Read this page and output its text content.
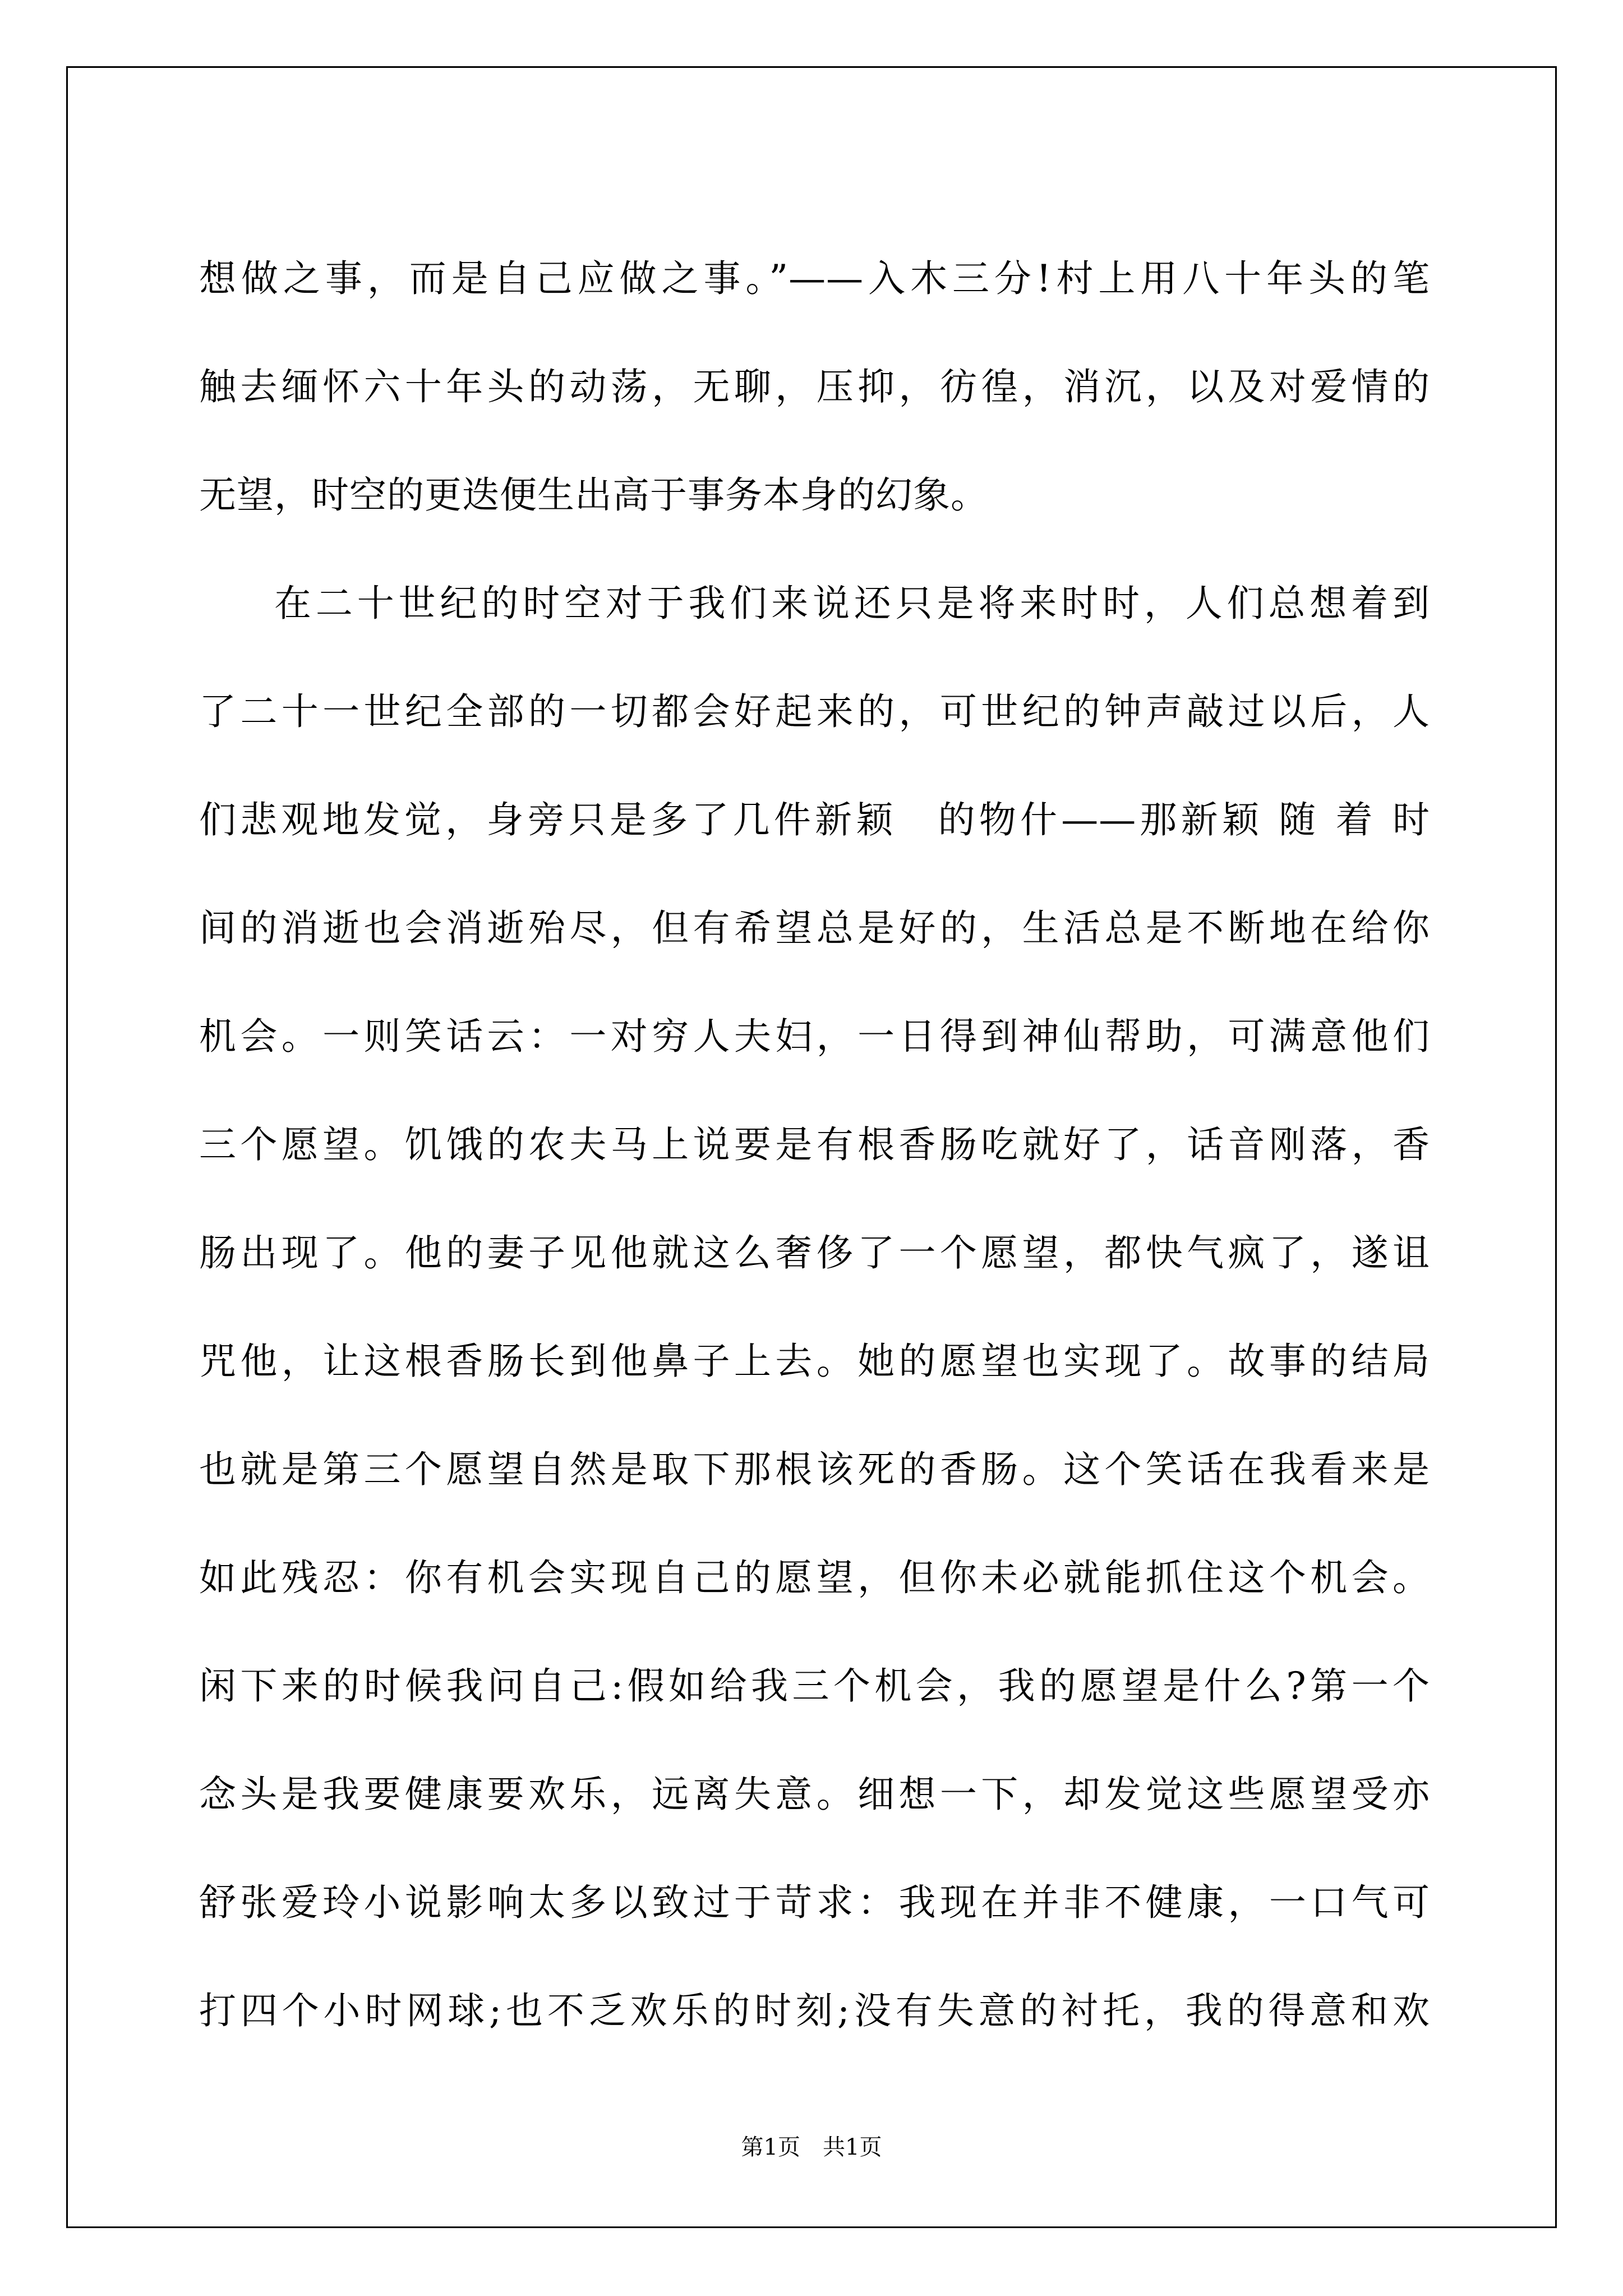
想做之事，而是自己应做之事。”——入木三分!村上用八十年头的笔
触去缅怀六十年头的动荡，无聊，压抑，彷徨，消沉，以及对爱情的
无望，时空的更迭便生出高于事务本身的幻象。
在二十世纪的时空对于我们来说还只是将来时时，人们总想着到
了二十一世纪全部的一切都会好起来的，可世纪的钟声敲过以后，人
们悲观地发觉，身旁只是多了几件新颖　的物什——那新颖 随 着 时
间的消逝也会消逝殆尽，但有希望总是好的，生活总是不断地在给你
机会。一则笑话云：一对穷人夫妇，一日得到神仙帮助，可满意他们
三个愿望。饥饿的农夫马上说要是有根香肠吃就好了，话音刚落，香
肠出现了。他的妻子见他就这么奢侈了一个愿望，都快气疯了，遂诅
咒他，让这根香肠长到他鼻子上去。她的愿望也实现了。故事的结局
也就是第三个愿望自然是取下那根该死的香肠。这个笑话在我看来是
如此残忍：你有机会实现自己的愿望，但你未必就能抓住这个机会。
闲下来的时候我问自己:假如给我三个机会，我的愿望是什么?第一个
念头是我要健康要欢乐，远离失意。细想一下，却发觉这些愿望受亦
舒张爱玲小说影响太多以致过于苛求：我现在并非不健康，一口气可
打四个小时网球;也不乏欢乐的时刻;没有失意的衬托，我的得意和欢
第1页　共1页
